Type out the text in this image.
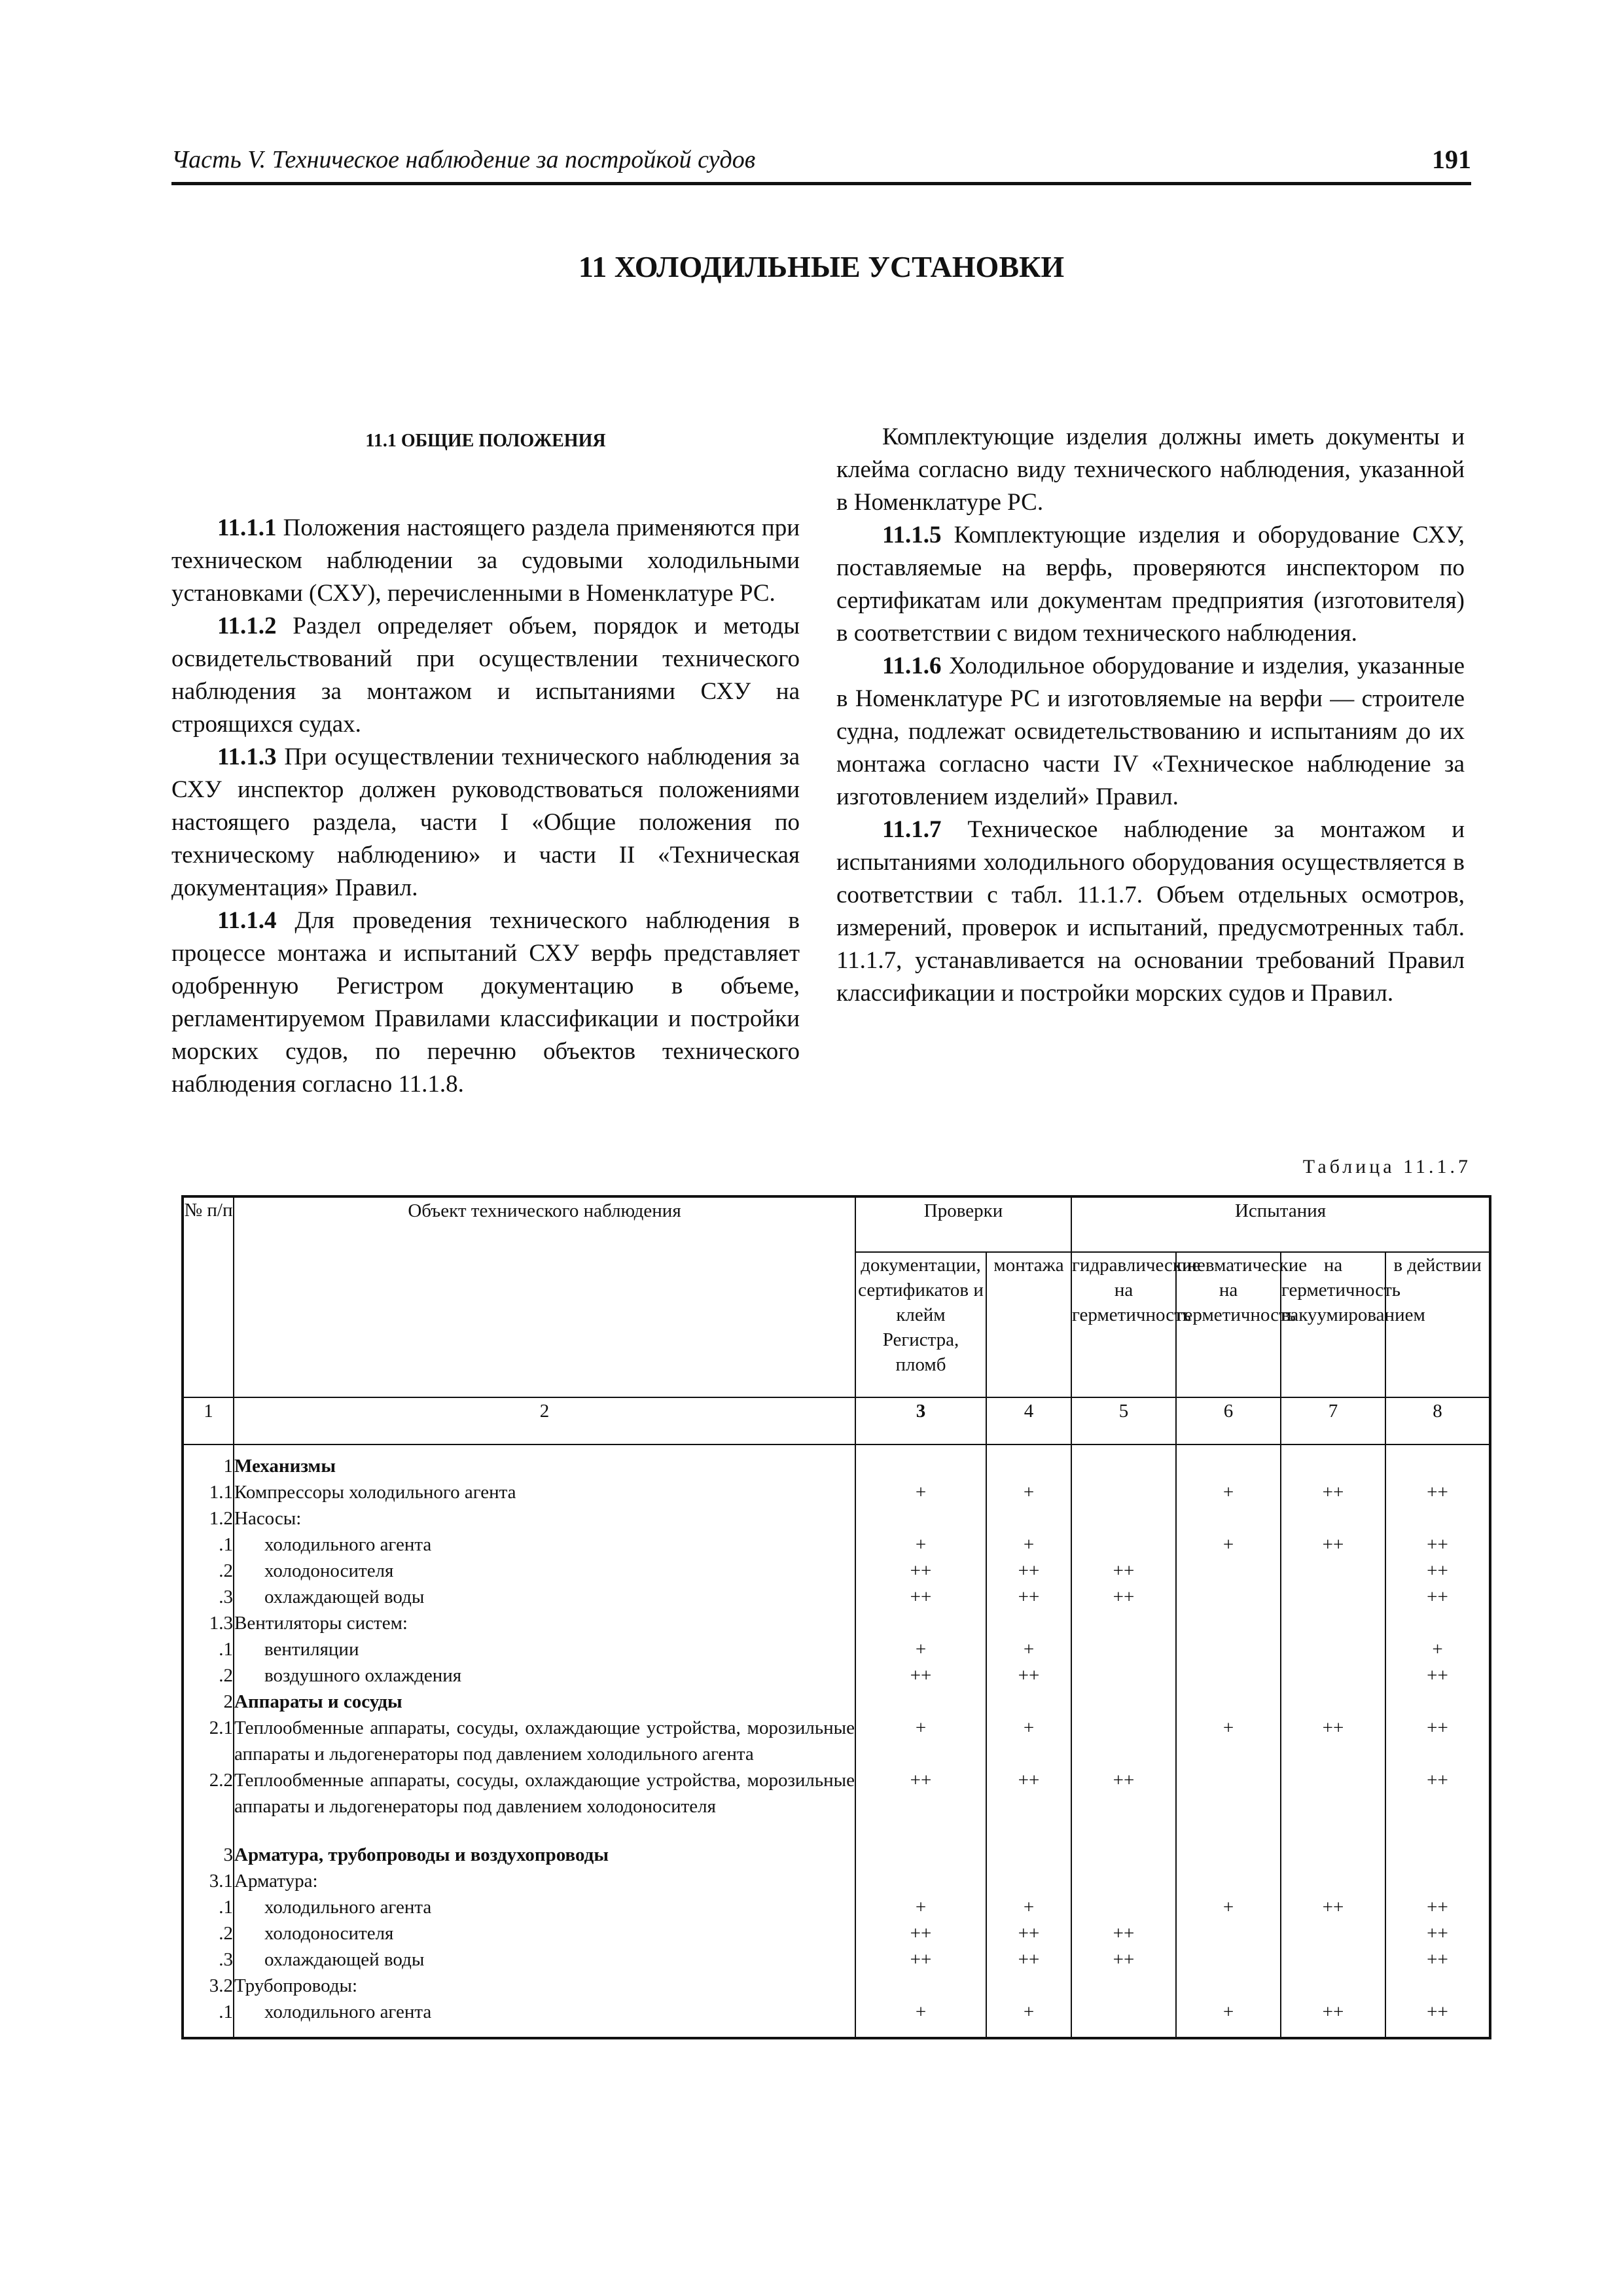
Часть V. Техническое наблюдение за постройкой судов	191
11 ХОЛОДИЛЬНЫЕ УСТАНОВКИ
11.1 ОБЩИЕ ПОЛОЖЕНИЯ

11.1.1 Положения настоящего раздела применяются при техническом наблюдении за судовыми холодильными установками (СХУ), перечисленными в Номенклатуре РС.

11.1.2 Раздел определяет объем, порядок и методы освидетельствований при осуществлении технического наблюдения за монтажом и испытаниями СХУ на строящихся судах.

11.1.3 При осуществлении технического наблюдения за СХУ инспектор должен руководствоваться положениями настоящего раздела, части I «Общие положения по техническому наблюдению» и части II «Техническая документация» Правил.

11.1.4 Для проведения технического наблюдения в процессе монтажа и испытаний СХУ верфь представляет одобренную Регистром документацию в объеме, регламентируемом Правилами классификации и постройки морских судов, по перечню объектов технического наблюдения согласно 11.1.8.

Комплектующие изделия должны иметь документы и клейма согласно виду технического наблюдения, указанной в Номенклатуре РС.

11.1.5 Комплектующие изделия и оборудование СХУ, поставляемые на верфь, проверяются инспектором по сертификатам или документам предприятия (изготовителя) в соответствии с видом технического наблюдения.

11.1.6 Холодильное оборудование и изделия, указанные в Номенклатуре РС и изготовляемые на верфи — строителе судна, подлежат освидетельствованию и испытаниям до их монтажа согласно части IV «Техническое наблюдение за изготовлением изделий» Правил.

11.1.7 Техническое наблюдение за монтажом и испытаниями холодильного оборудования осуществляется в соответствии с табл. 11.1.7. Объем отдельных осмотров, измерений, проверок и испытаний, предусмотренных табл. 11.1.7, устанавливается на основании требований Правил классификации и постройки морских судов и Правил.

Таблица 11.1.7
№ п/п	Объект технического наблюдения	Проверки		Испытания			
		документации, сертификатов и клейм Регистра, пломб	монтажа	гидравлические на герметичность	пневматические на герметичность	на герметичность вакуумированием	в действии
1	2	3	4	5	6	7	8
1	Механизмы						
1.1	Компрессоры холодильного агента	+	+		+	++	++
1.2	Насосы:						
.1	холодильного агента	+	+		+	++	++
.2	холодоносителя	++	++	++			++
.3	охлаждающей воды	++	++	++			++
1.3	Вентиляторы систем:						
.1	вентиляции	+	+				+
.2	воздушного охлаждения	++	++				++
2	Аппараты и сосуды						
2.1	Теплообменные аппараты, сосуды, охлаждающие устройства, морозильные аппараты и льдогенераторы под давлением холодильного агента	+	+		+	++	++
2.2	Теплообменные аппараты, сосуды, охлаждающие устройства, морозильные аппараты и льдогенераторы под давлением холодоносителя	++	++	++			++

3	Арматура, трубопроводы и воздухопроводы						
3.1	Арматура:						
.1	холодильного агента	+	+		+	++	++
.2	холодоносителя	++	++	++			++
.3	охлаждающей воды	++	++	++			++
3.2	Трубопроводы:						
.1	холодильного агента	+	+		+	++	++
